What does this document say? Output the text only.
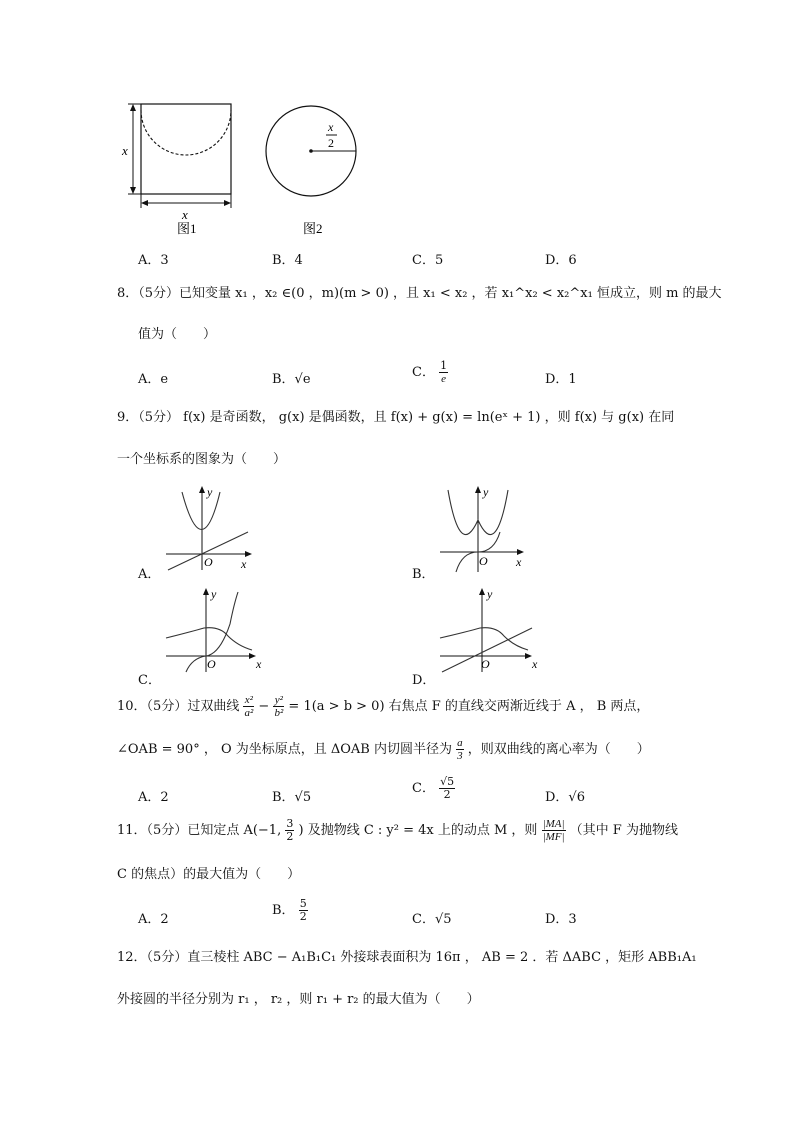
x
x
图1
x
2
图2
A．3	B．4	C．5	D．6
8．（5分）已知变量 x₁ ，x₂ ∈(0 ，m)(m > 0) ，且 x₁ < x₂ ，若 x₁^x₂ < x₂^x₁ 恒成立，则 m 的最大
值为（　　）
A．e	B．√e	C． $\frac{1}{e}$	D．1
9．（5分） f(x) 是奇函数， g(x) 是偶函数，且 f(x) + g(x) = ln(eˣ + 1) ，则 f(x) 与 g(x) 在同
一个坐标系的图象为（　　）
A．
y
O x
B．
y
O x
C．
y
O	x
D．
y
O	x
10．（5分）过双曲线 $\frac{\text{x²}}{\text{a²}} - \frac{\text{y²}}{\text{b²}} = 1(a > b > 0)$ 右焦点 F 的直线交两渐近线于 A ， B 两点，
∠OAB = 90° ， O 为坐标原点，且 ΔOAB 内切圆半径为 $\frac{a}{3}$ ，则双曲线的离心率为（　　）
A．2	B．√5
C． $\frac{√5}{2}$	D．√6
11．（5分）已知定点 A(−1, $\frac{3}{2}$ ) 及抛物线 C : y² = 4x 上的动点 M ，则 $\frac{|MA|}{|MF|}$ （其中 F 为抛物线
C 的焦点）的最大值为（　　）
A．2
B． $\frac{5}{2}$	C．√5	D．3
12．（5分）直三棱柱 ABC − A₁B₁C₁ 外接球表面积为 16π ， AB = 2 ．若 ΔABC ，矩形 ABB₁A₁
外接圆的半径分别为 r₁ ， r₂ ，则 r₁ + r₂ 的最大值为（　　）
